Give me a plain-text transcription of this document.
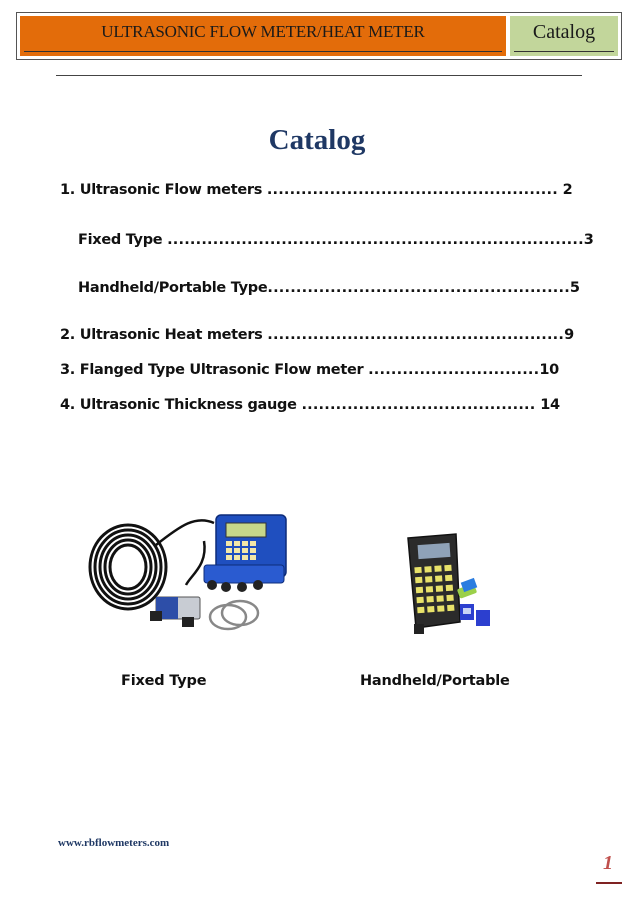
ULTRASONIC FLOW METER/HEAT METER	Catalog
Catalog
1. Ultrasonic Flow meters ................................................... 2
Fixed Type .........................................................................3
Handheld/Portable Type.....................................................5
2. Ultrasonic Heat meters ....................................................9
3. Flanged Type Ultrasonic Flow meter ..............................10
4. Ultrasonic Thickness gauge ......................................... 14
Fixed Type	Handheld/Portable
www.rbflowmeters.com
1
